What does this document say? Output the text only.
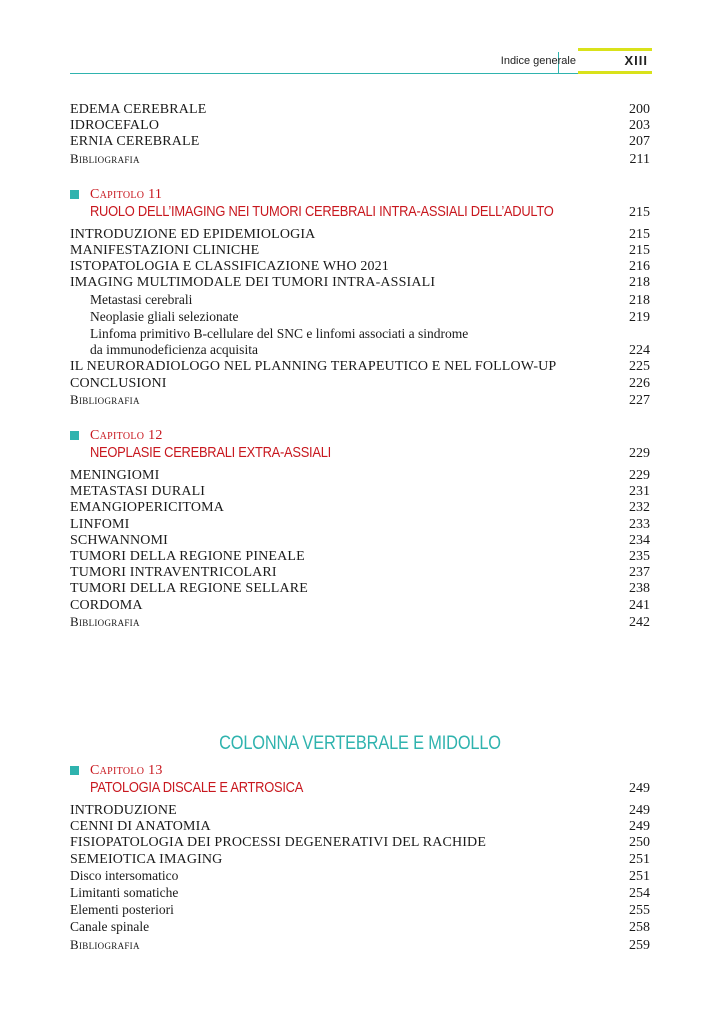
Indice generale	XIII
EDEMA CEREBRALE	200
IDROCEFALO	203
ERNIA CEREBRALE	207
Bibliografia	211
Capitolo 11
RUOLO DELL’IMAGING NEI TUMORI CEREBRALI INTRA-ASSIALI DELL’ADULTO	215
INTRODUZIONE ED EPIDEMIOLOGIA	215
MANIFESTAZIONI CLINICHE	215
ISTOPATOLOGIA E CLASSIFICAZIONE WHO 2021	216
IMAGING MULTIMODALE DEI TUMORI INTRA-ASSIALI	218
Metastasi cerebrali	218
Neoplasie gliali selezionate	219
Linfoma primitivo B-cellulare del SNC e linfomi associati a sindrome
da immunodeficienza acquisita	224
IL NEURORADIOLOGO NEL PLANNING TERAPEUTICO E NEL FOLLOW-UP	225
CONCLUSIONI	226
Bibliografia	227
Capitolo 12
NEOPLASIE CEREBRALI EXTRA-ASSIALI	229
MENINGIOMI	229
METASTASI DURALI	231
EMANGIOPERICITOMA	232
LINFOMI	233
SCHWANNOMI	234
TUMORI DELLA REGIONE PINEALE	235
TUMORI INTRAVENTRICOLARI	237
TUMORI DELLA REGIONE SELLARE	238
CORDOMA	241
Bibliografia	242
COLONNA VERTEBRALE E MIDOLLO
Capitolo 13
PATOLOGIA DISCALE E ARTROSICA	249
INTRODUZIONE	249
CENNI DI ANATOMIA	249
FISIOPATOLOGIA DEI PROCESSI DEGENERATIVI DEL RACHIDE	250
SEMEIOTICA IMAGING	251
Disco intersomatico	251
Limitanti somatiche	254
Elementi posteriori	255
Canale spinale	258
Bibliografia	259
